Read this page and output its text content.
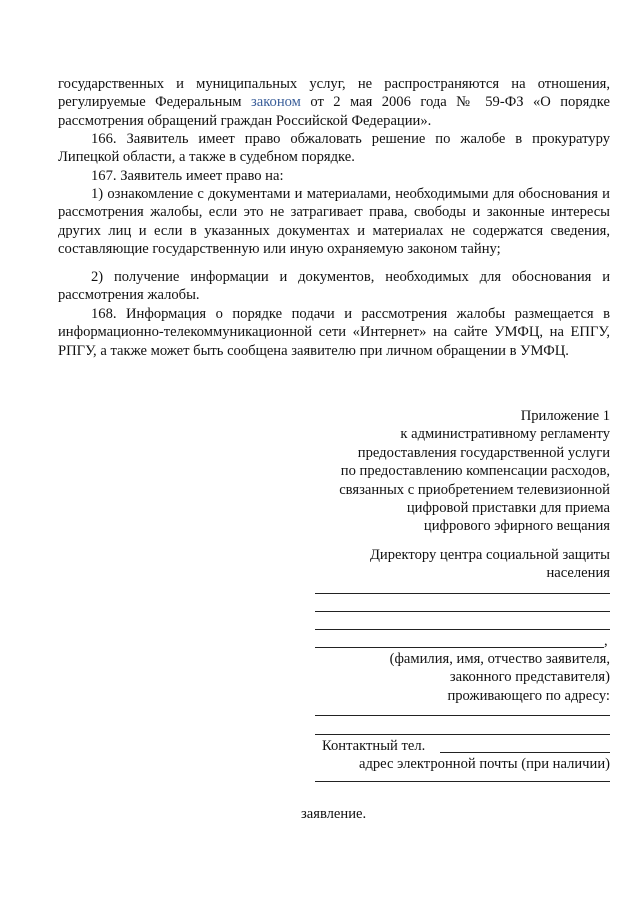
государственных и муниципальных услуг, не распространяются на отношения, регулируемые Федеральным законом от 2 мая 2006 года № 59-ФЗ «О порядке рассмотрения обращений граждан Российской Федерации».
166. Заявитель имеет право обжаловать решение по жалобе в прокуратуру Липецкой области, а также в судебном порядке.
167. Заявитель имеет право на:
1) ознакомление с документами и материалами, необходимыми для обоснования и рассмотрения жалобы, если это не затрагивает права, свободы и законные интересы других лиц и если в указанных документах и материалах не содержатся сведения, составляющие государственную или иную охраняемую законом тайну;
2) получение информации и документов, необходимых для обоснования и рассмотрения жалобы.
168. Информация о порядке подачи и рассмотрения жалобы размещается в информационно-телекоммуникационной сети «Интернет» на сайте УМФЦ, на ЕПГУ, РПГУ, а также может быть сообщена заявителю при личном обращении в УМФЦ.
Приложение 1
к административному регламенту
предоставления государственной услуги
по предоставлению компенсации расходов,
связанных с приобретением телевизионной
цифровой приставки для приема
цифрового эфирного вещания
Директору центра социальной защиты
населения
,
(фамилия, имя, отчество заявителя,
законного представителя)
проживающего по адресу:
Контактный тел.
адрес электронной почты (при наличии)
заявление.
